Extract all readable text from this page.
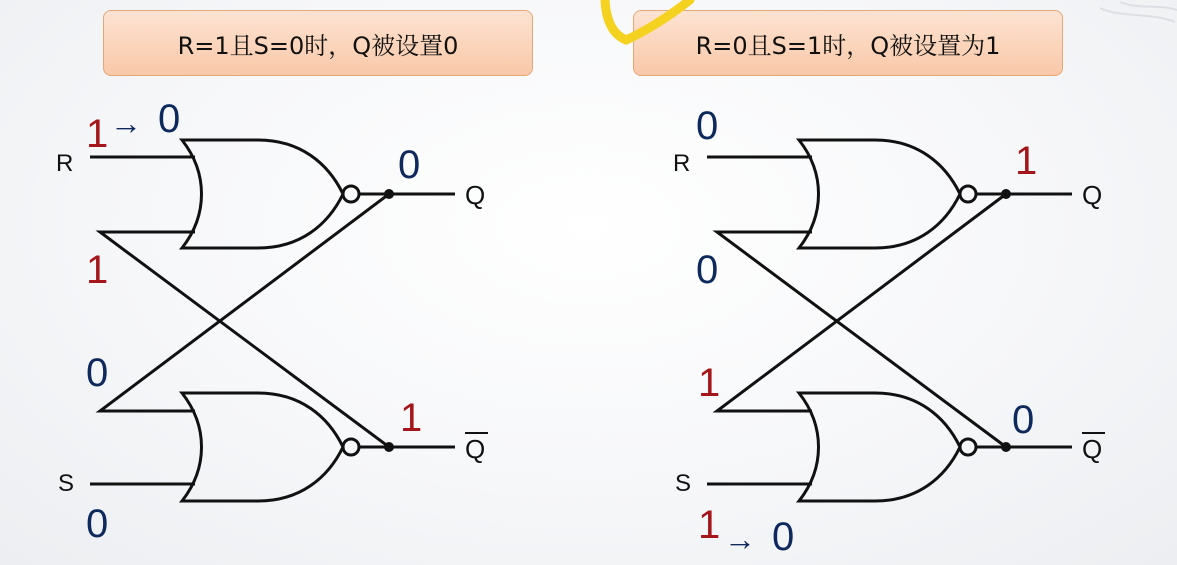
R=1且S=0时，Q被设置0	R=0且S=1时，Q被设置为1
R
S
Q
Q
1 → 0
1
0
0
0
1
R
S
Q
Q
0
0
1
1 → 0
1
0
